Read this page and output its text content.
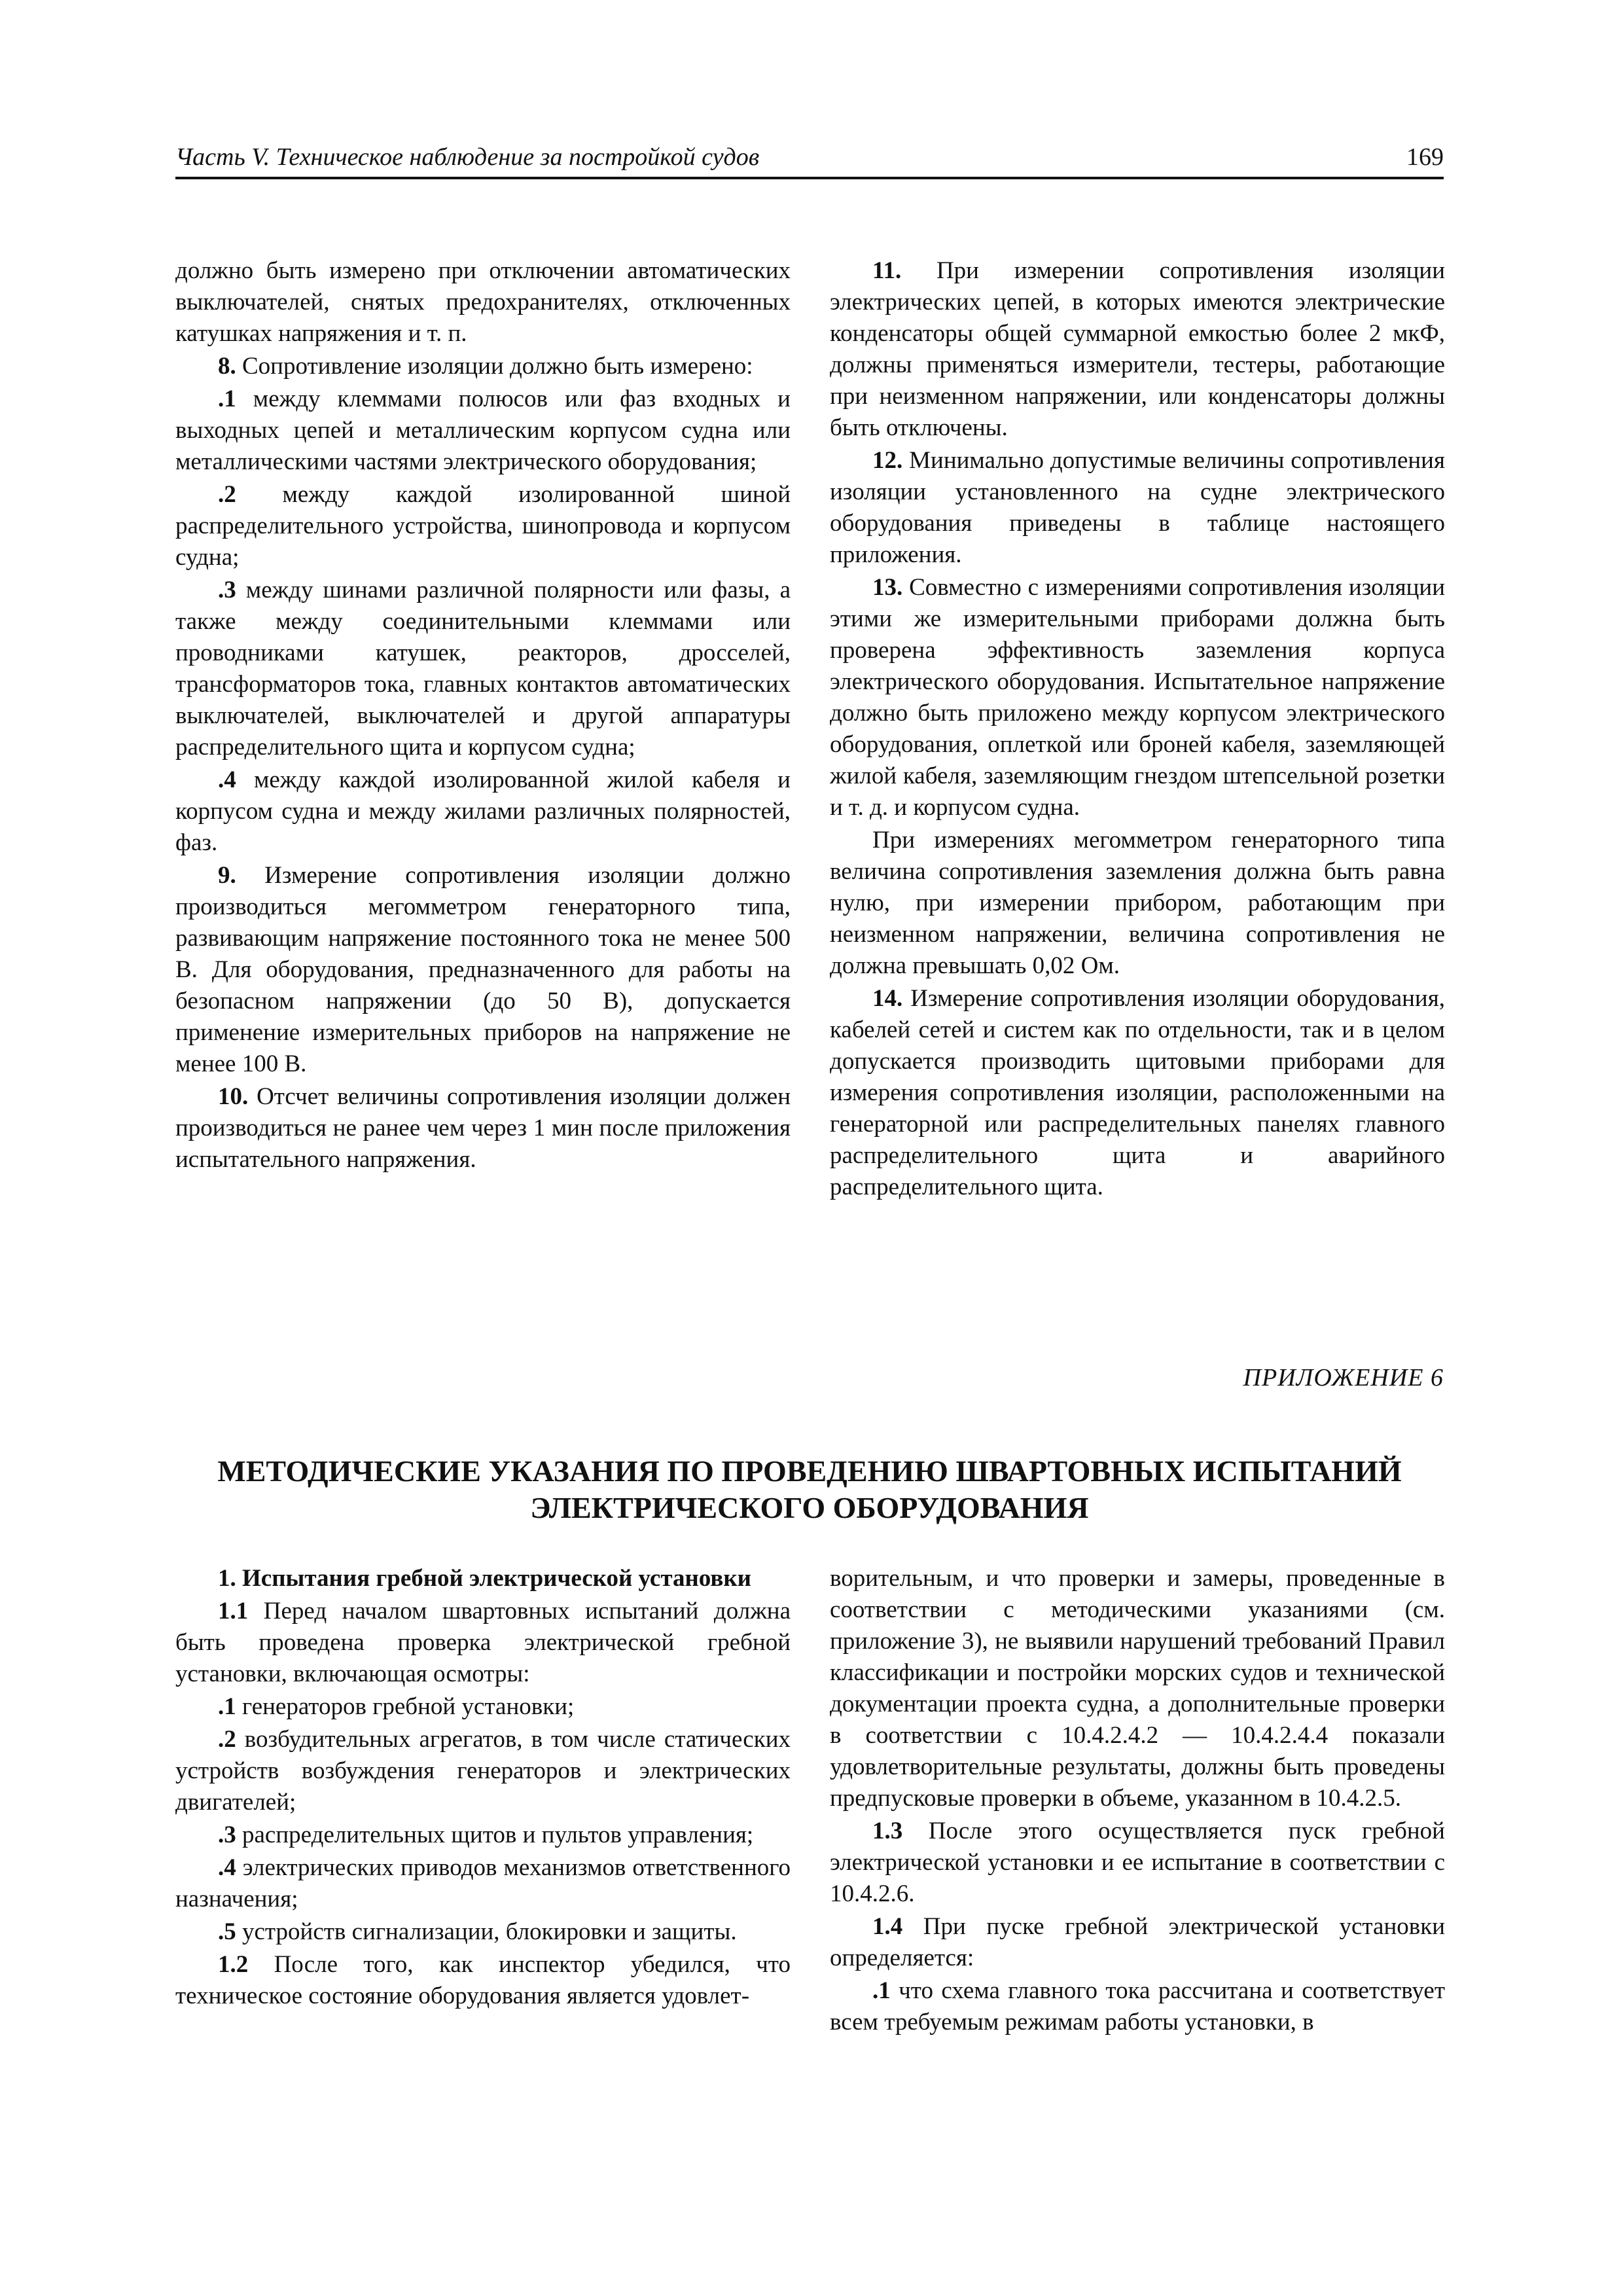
Часть V. Техническое наблюдение за постройкой судов	169

должно быть измерено при отключении автоматических выключателей, снятых предохранителях, отключенных катушках напряжения и т. п.

8. Сопротивление изоляции должно быть измерено:

.1 между клеммами полюсов или фаз входных и выходных цепей и металлическим корпусом судна или металлическими частями электрического оборудования;

.2 между каждой изолированной шиной распределительного устройства, шинопровода и корпусом судна;

.3 между шинами различной полярности или фазы, а также между соединительными клеммами или проводниками катушек, реакторов, дросселей, трансформаторов тока, главных контактов автоматических выключателей, выключателей и другой аппаратуры распределительного щита и корпусом судна;

.4 между каждой изолированной жилой кабеля и корпусом судна и между жилами различных полярностей, фаз.

9. Измерение сопротивления изоляции должно производиться мегомметром генераторного типа, развивающим напряжение постоянного тока не менее 500 В. Для оборудования, предназначенного для работы на безопасном напряжении (до 50 В), допускается применение измерительных приборов на напряжение не менее 100 В.

10. Отсчет величины сопротивления изоляции должен производиться не ранее чем через 1 мин после приложения испытательного напряжения.

11. При измерении сопротивления изоляции электрических цепей, в которых имеются электрические конденсаторы общей суммарной емкостью более 2 мкФ, должны применяться измерители, тестеры, работающие при неизменном напряжении, или конденсаторы должны быть отключены.

12. Минимально допустимые величины сопротивления изоляции установленного на судне электрического оборудования приведены в таблице настоящего приложения.

13. Совместно с измерениями сопротивления изоляции этими же измерительными приборами должна быть проверена эффективность заземления корпуса электрического оборудования. Испытательное напряжение должно быть приложено между корпусом электрического оборудования, оплеткой или броней кабеля, заземляющей жилой кабеля, заземляющим гнездом штепсельной розетки и т. д. и корпусом судна.

При измерениях мегомметром генераторного типа величина сопротивления заземления должна быть равна нулю, при измерении прибором, работающим при неизменном напряжении, величина сопротивления не должна превышать 0,02 Ом.

14. Измерение сопротивления изоляции оборудования, кабелей сетей и систем как по отдельности, так и в целом допускается производить щитовыми приборами для измерения сопротивления изоляции, расположенными на генераторной или распределительных панелях главного распределительного щита и аварийного распределительного щита.

ПРИЛОЖЕНИЕ 6
МЕТОДИЧЕСКИЕ УКАЗАНИЯ ПО ПРОВЕДЕНИЮ ШВАРТОВНЫХ ИСПЫТАНИЙ
ЭЛЕКТРИЧЕСКОГО ОБОРУДОВАНИЯ

1. Испытания гребной электрической установки

1.1 Перед началом швартовных испытаний должна быть проведена проверка электрической гребной установки, включающая осмотры:

.1 генераторов гребной установки;

.2 возбудительных агрегатов, в том числе статических устройств возбуждения генераторов и электрических двигателей;

.3 распределительных щитов и пультов управления;

.4 электрических приводов механизмов ответственного назначения;

.5 устройств сигнализации, блокировки и защиты.

1.2 После того, как инспектор убедился, что техническое состояние оборудования является удовлет-

ворительным, и что проверки и замеры, проведенные в соответствии с методическими указаниями (см. приложение 3), не выявили нарушений требований Правил классификации и постройки морских судов и технической документации проекта судна, а дополнительные проверки в соответствии с 10.4.2.4.2 — 10.4.2.4.4 показали удовлетворительные результаты, должны быть проведены предпусковые проверки в объеме, указанном в 10.4.2.5.

1.3 После этого осуществляется пуск гребной электрической установки и ее испытание в соответствии с 10.4.2.6.

1.4 При пуске гребной электрической установки определяется:

.1 что схема главного тока рассчитана и соответствует всем требуемым режимам работы установки, в
